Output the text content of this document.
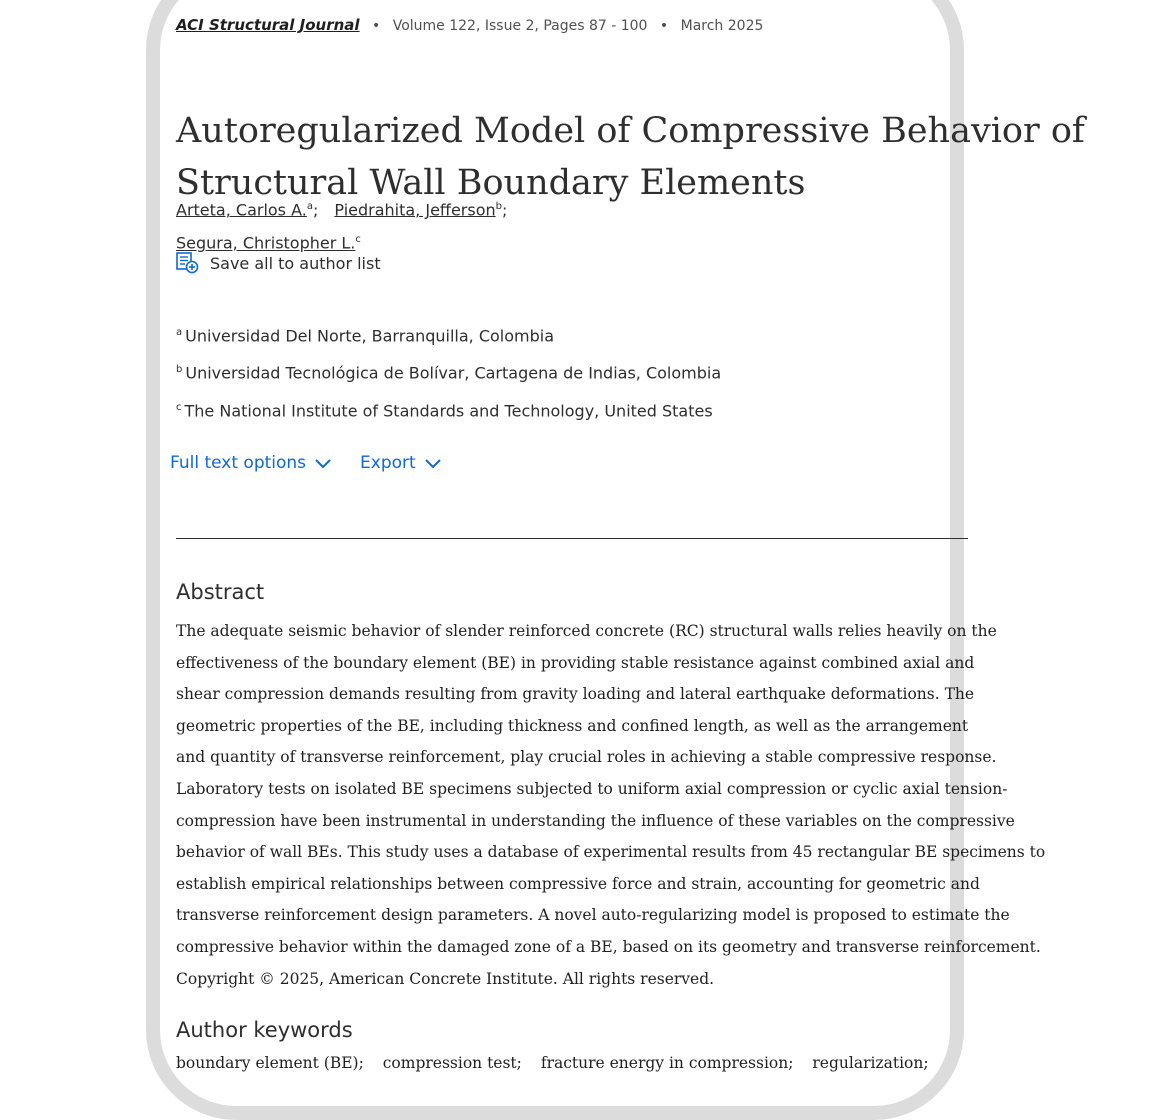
ACI Structural Journal • Volume 122, Issue 2, Pages 87 - 100 • March 2025
Autoregularized Model of Compressive Behavior of
Structural Wall Boundary Elements
Arteta, Carlos A.$^a$; Piedrahita, Jefferson$^b$;
Segura, Christopher L.$^c$
Save all to author list
$^a$ Universidad Del Norte, Barranquilla, Colombia
$^b$ Universidad Tecnológica de Bolívar, Cartagena de Indias, Colombia
$^c$ The National Institute of Standards and Technology, United States
Full text options	Export
Abstract
The adequate seismic behavior of slender reinforced concrete (RC) structural walls relies heavily on the
effectiveness of the boundary element (BE) in providing stable resistance against combined axial and
shear compression demands resulting from gravity loading and lateral earthquake deformations. The
geometric properties of the BE, including thickness and confined length, as well as the arrangement
and quantity of transverse reinforcement, play crucial roles in achieving a stable compressive response.
Laboratory tests on isolated BE specimens subjected to uniform axial compression or cyclic axial tension-
compression have been instrumental in understanding the influence of these variables on the compressive
behavior of wall BEs. This study uses a database of experimental results from 45 rectangular BE specimens to
establish empirical relationships between compressive force and strain, accounting for geometric and
transverse reinforcement design parameters. A novel auto-regularizing model is proposed to estimate the
compressive behavior within the damaged zone of a BE, based on its geometry and transverse reinforcement.
Copyright © 2025, American Concrete Institute. All rights reserved.
Author keywords
boundary element (BE); compression test; fracture energy in compression; regularization;
